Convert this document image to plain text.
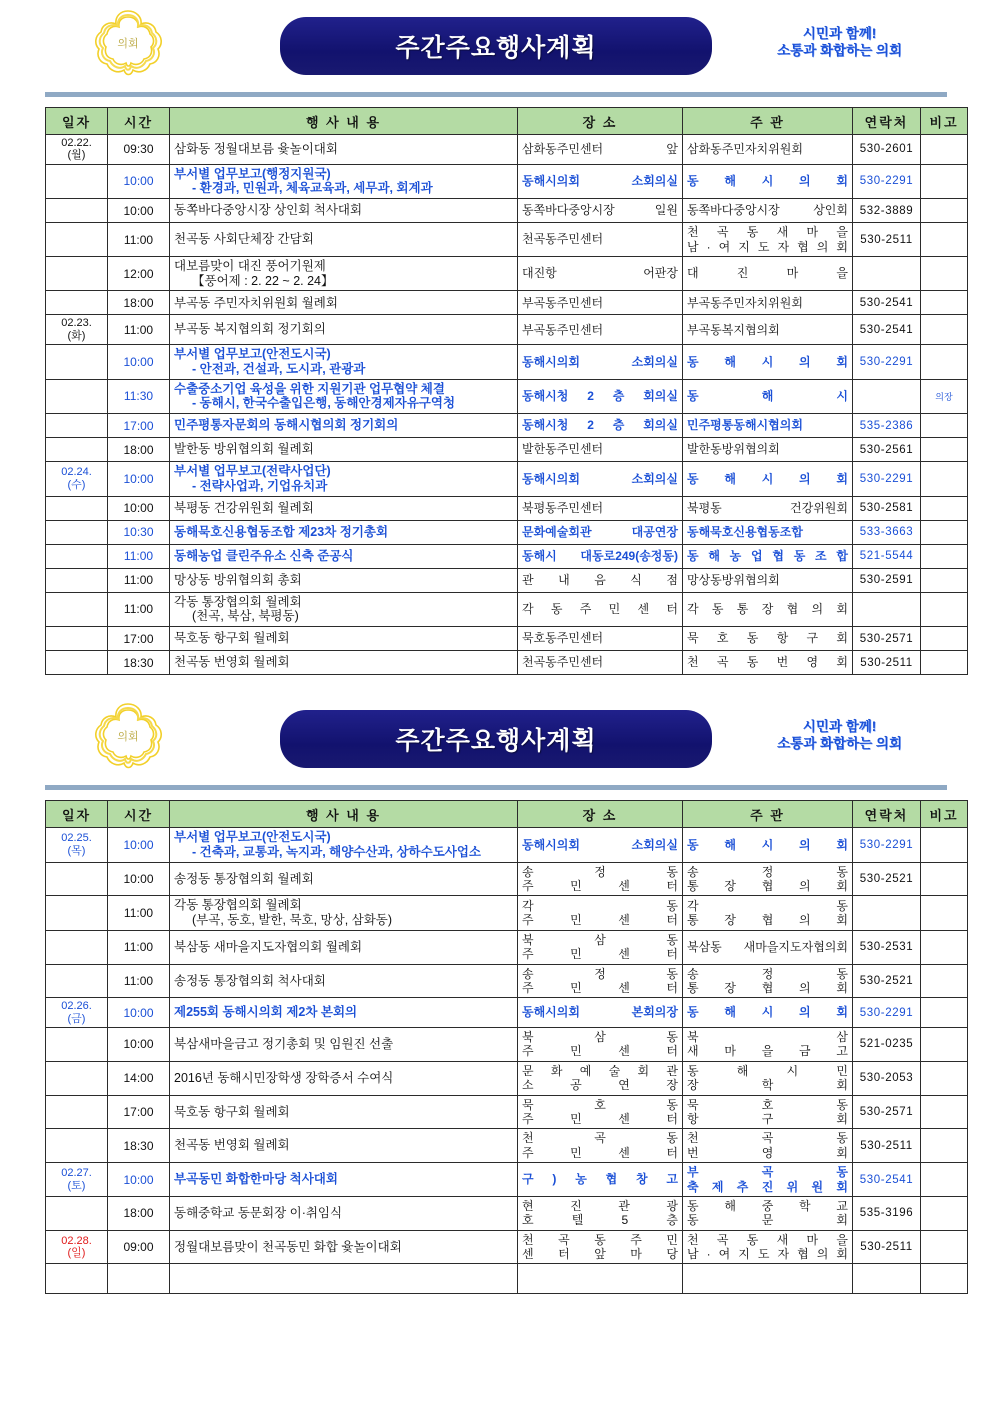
의회	주간주요행사계획
시민과 함께!
소통과 화합하는 의회
일자	시간	행 사 내 용	장 소	주 관	연락처	비고
02.22.
(월)	09:30	삼화동 정월대보름 윷놀이대회	삼화동주민센터 앞	삼화동주민자치위원회	530-2601	
	10:00	부서별 업무보고(행정지원국)
- 환경과, 민원과, 체육교육과, 세무과, 회계과	동해시의회 소회의실	동 해 시 의 회	530-2291	
	10:00	동쪽바다중앙시장 상인회 척사대회	동쪽바다중앙시장 일원	동쪽바다중앙시장 상인회	532-3889	
	11:00	천곡동 사회단체장 간담회	천곡동주민센터	천 곡 동 새 마 을
남 · 여 지 도 자 협 의 회	530-2511	
	12:00	대보름맞이 대진 풍어기원제
【풍어제 : 2. 22 ~ 2. 24】	대진항 어판장	대 진 마 을		

	18:00	부곡동 주민자치위원회 월례회	부곡동주민센터	부곡동주민자치위원회	530-2541	
02.23.
(화)	11:00	부곡동 복지협의회 정기회의	부곡동주민센터	부곡동복지협의회	530-2541	
	10:00	부서별 업무보고(안전도시국)
- 안전과, 건설과, 도시과, 관광과	동해시의회 소회의실	동 해 시 의 회	530-2291	
	11:30	수출중소기업 육성을 위한 지원기관 업무협약 체결
- 동해시, 한국수출입은행, 동해안경제자유구역청	동해시청 2 층 회의실	동 해 시		의장
	17:00	민주평통자문회의 동해시협의회 정기회의	동해시청 2 층 회의실	민주평통동해시협의회	535-2386	
	18:00	발한동 방위협의회 월례회	발한동주민센터	발한동방위협의회	530-2561	
02.24.
(수)	10:00	부서별 업무보고(전략사업단)
- 전략사업과, 기업유치과	동해시의회 소회의실	동 해 시 의 회	530-2291	
	10:00	북평동 건강위원회 월례회	북평동주민센터	북평동 건강위원회	530-2581	
	10:30	동해묵호신용협동조합 제23차 정기총회	문화예술회관 대공연장	동해묵호신용협동조합	533-3663	
	11:00	동해농업 클린주유소 신축 준공식	동해시 대동로249(송정동)	동 해 농 업 협 동 조 합	521-5544	
	11:00	망상동 방위협의회 총회	관 내 음 식 점	망상동방위협의회	530-2591	
	11:00	각동 통장협의회 월례회
(천곡, 북삼, 북평동)	각 동 주 민 센 터	각 동 통 장 협 의 회		

	17:00	묵호동 항구회 월례회	묵호동주민센터	묵 호 동 항 구 회	530-2571	
	18:30	천곡동 번영회 월례회	천곡동주민센터	천 곡 동 번 영 회	530-2511	
의회	주간주요행사계획
시민과 함께!
소통과 화합하는 의회
일자	시간	행 사 내 용	장 소	주 관	연락처	비고
02.25.
(목)	10:00	부서별 업무보고(안전도시국)
- 건축과, 교통과, 녹지과, 해양수산과, 상하수도사업소	동해시의회 소회의실	동 해 시 의 회	530-2291	
	10:00	송정동 통장협의회 월례회	송 정 동
주 민 센 터	송 정 동
통 장 협 의 회	530-2521	
	11:00	각동 통장협의회 월례회
(부곡, 동호, 발한, 묵호, 망상, 삼화동)	각 동
주 민 센 터	각 동
통 장 협 의 회		

	11:00	북삼동 새마을지도자협의회 월례회	북 삼 동
주 민 센 터	북삼동 새마을지도자협의회	530-2531	
	11:00	송정동 통장협의회 척사대회	송 정 동
주 민 센 터	송 정 동
통 장 협 의 회	530-2521	
02.26.
(금)	10:00	제255회 동해시의회 제2차 본회의	동해시의회 본회의장	동 해 시 의 회	530-2291	
	10:00	북삼새마을금고 정기총회 및 임원진 선출	북 삼 동
주 민 센 터	북 삼
새 마 을 금 고	521-0235	
	14:00	2016년 동해시민장학생 장학증서 수여식	문 화 예 술 회 관
소 공 연 장	동 해 시 민
장 학 회	530-2053	
	17:00	묵호동 항구회 월례회	묵 호 동
주 민 센 터	묵 호 동
항 구 회	530-2571	
	18:30	천곡동 번영회 월례회	천 곡 동
주 민 센 터	천 곡 동
번 영 회	530-2511	
02.27.
(토)	10:00	부곡동민 화합한마당 척사대회	구 ) 농 협 창 고	부 곡 동
축 제 추 진 위 원 회	530-2541	
	18:00	동해중학교 동문회장 이·취임식	현 진 관 광
호 텔 5 층	동 해 중 학 교
동 문 회	535-3196	
02.28.
(일)	09:00	정월대보름맞이 천곡동민 화합 윷놀이대회	천 곡 동 주 민
센 터 앞 마 당	천 곡 동 새 마 을
남 · 여 지 도 자 협 의 회	530-2511	
